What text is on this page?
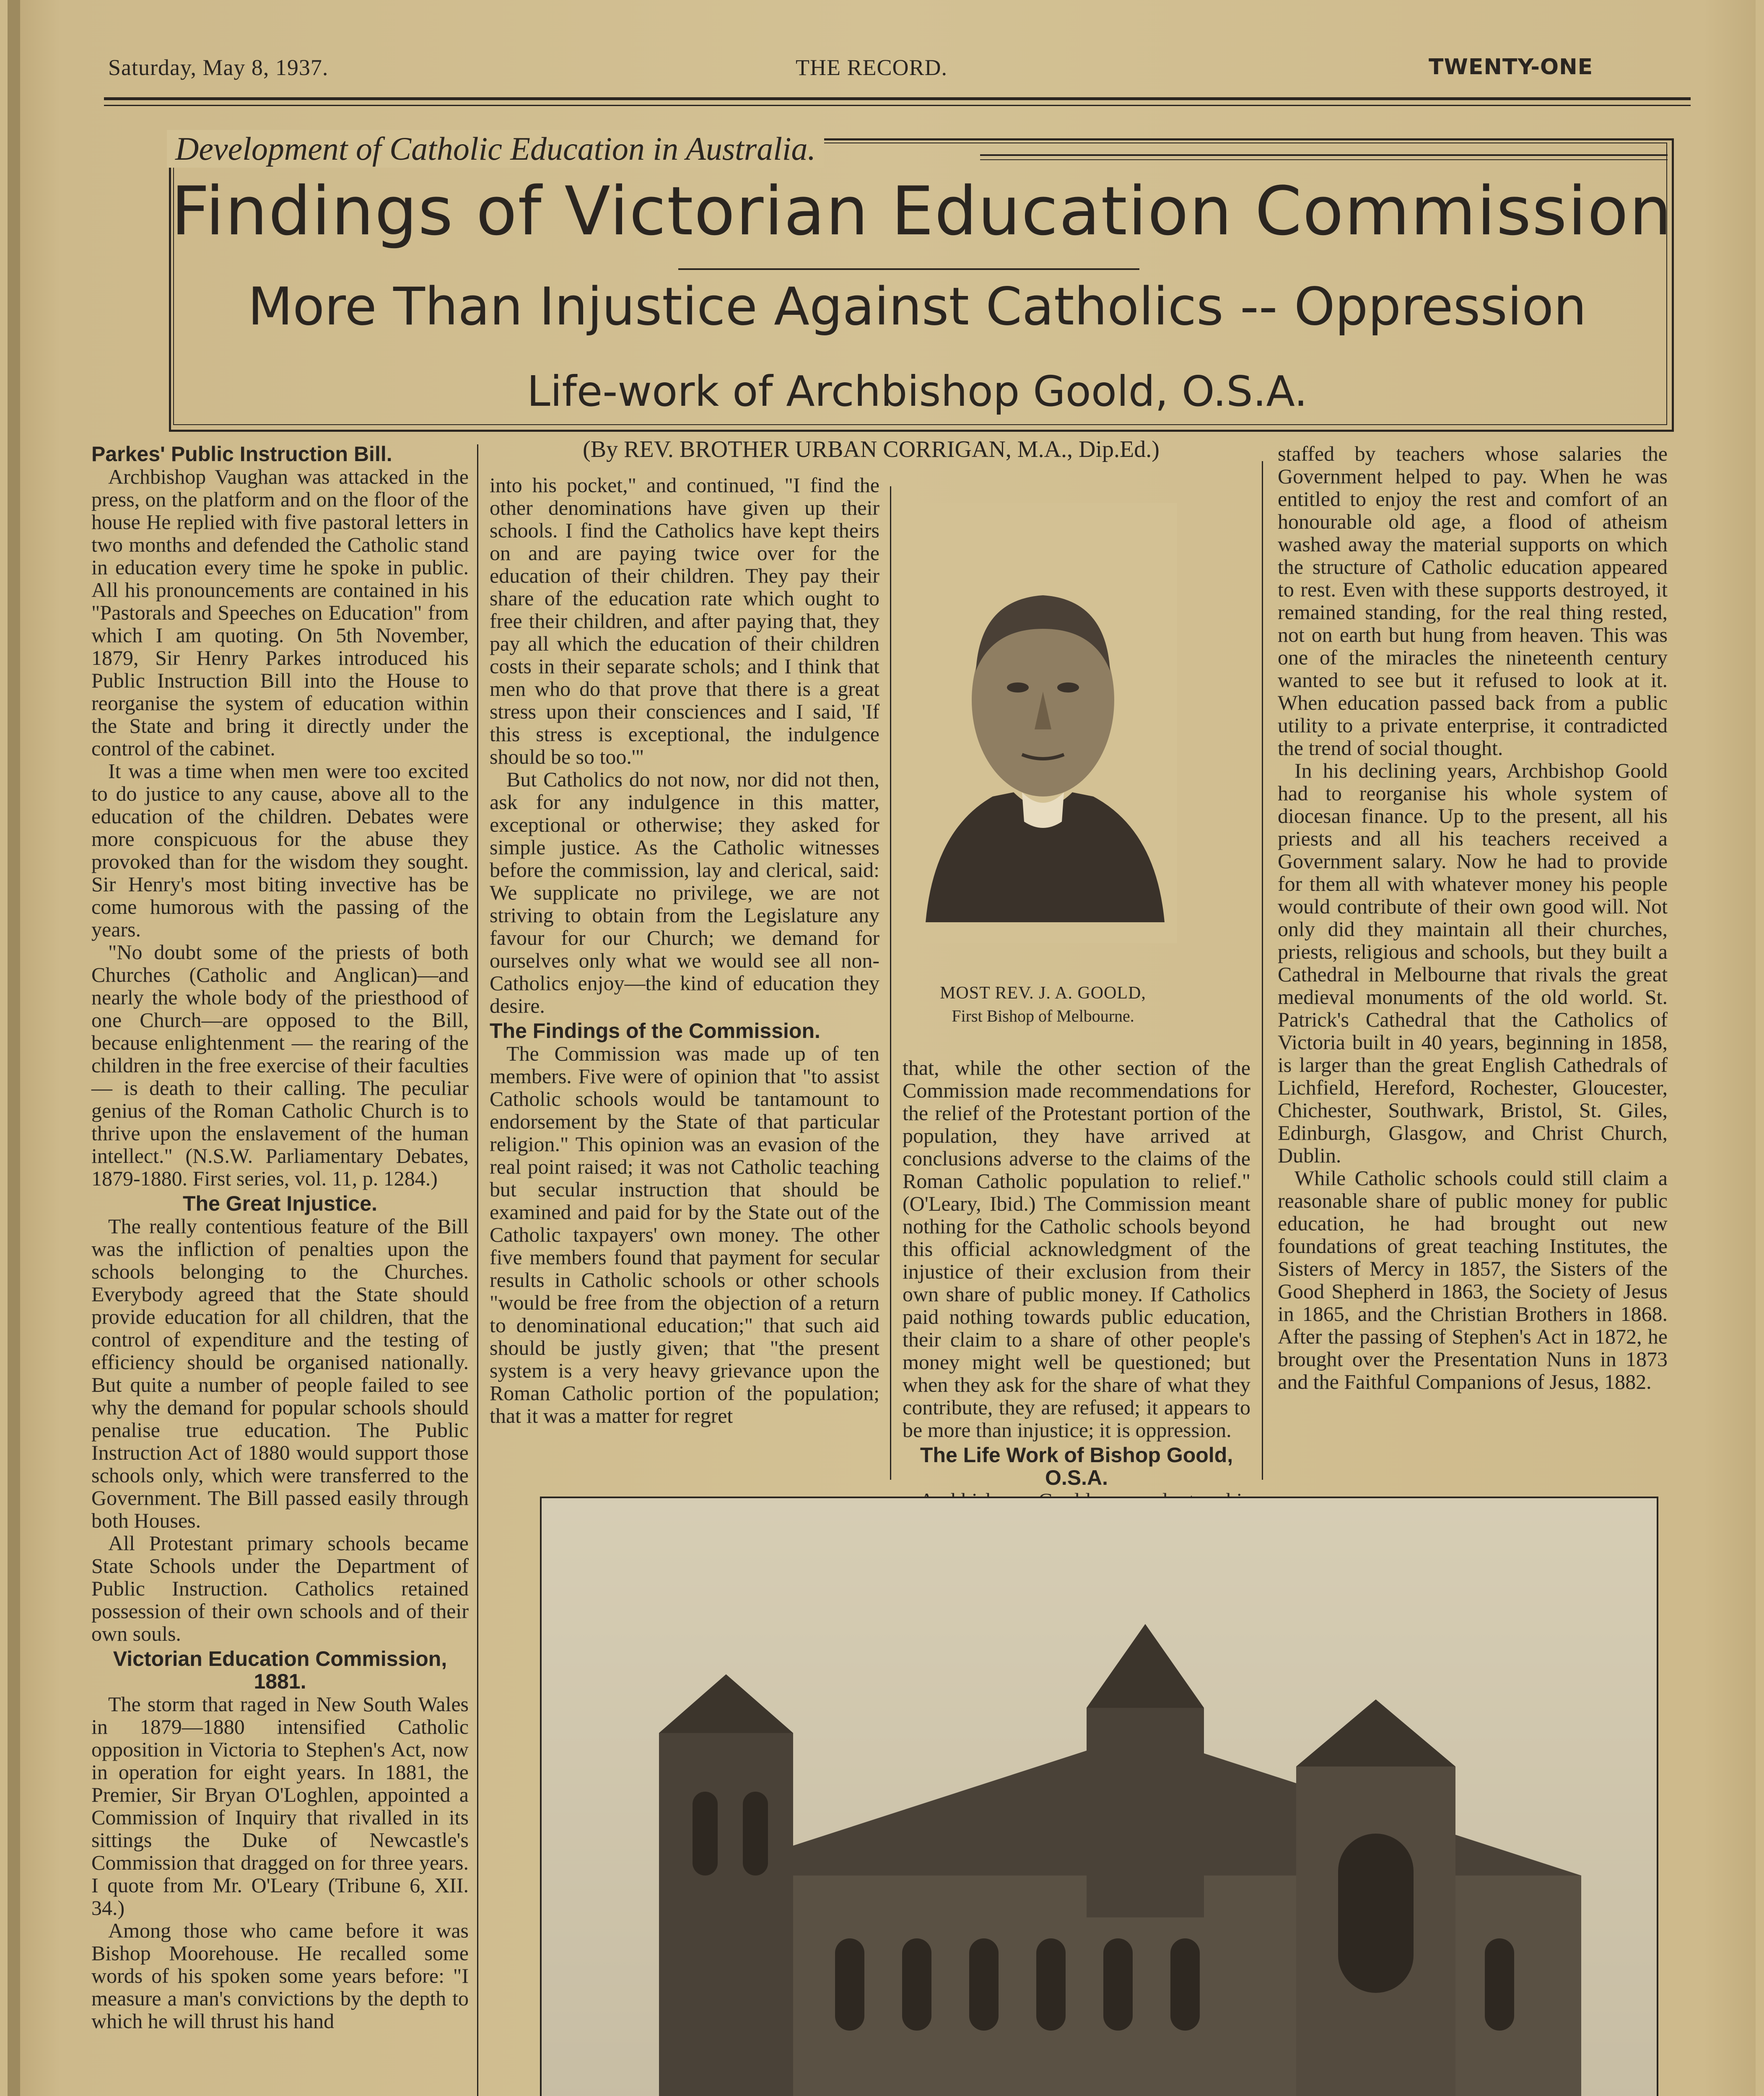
Saturday, May 8, 1937.	THE RECORD.	TWENTY-ONE
Development of Catholic Education in Australia.
Findings of Victorian Education Commission
More Than Injustice Against Catholics -- Oppression
Life-work of Archbishop Goold, O.S.A.
(By REV. BROTHER URBAN CORRIGAN, M.A., Dip.Ed.)
Parkes' Public Instruction Bill.

Archbishop Vaughan was attacked in the press, on the platform and on the floor of the house He replied with five pastoral letters in two months and defended the Catholic stand in education every time he spoke in public. All his pronouncements are contained in his "Pastorals and Speeches on Education" from which I am quoting. On 5th November, 1879, Sir Henry Parkes introduced his Public Instruction Bill into the House to reorganise the system of education within the State and bring it directly under the control of the cabinet.

It was a time when men were too excited to do justice to any cause, above all to the education of the children. Debates were more conspicuous for the abuse they provoked than for the wisdom they sought. Sir Henry's most biting invective has be come humorous with the passing of the years.

"No doubt some of the priests of both Churches (Catholic and Anglican)—and nearly the whole body of the priesthood of one Church—are opposed to the Bill, because enlightenment — the rearing of the children in the free exercise of their faculties— is death to their calling. The peculiar genius of the Roman Catholic Church is to thrive upon the enslavement of the human intellect." (N.S.W. Parliamentary Debates, 1879-1880. First series, vol. 11, p. 1284.)

The Great Injustice.

The really contentious feature of the Bill was the infliction of penalties upon the schools belonging to the Churches. Everybody agreed that the State should provide education for all children, that the control of expenditure and the testing of efficiency should be organised nationally. But quite a number of people failed to see why the demand for popular schools should penalise true education. The Public Instruction Act of 1880 would support those schools only, which were transferred to the Government. The Bill passed easily through both Houses.

All Protestant primary schools became State Schools under the Department of Public Instruction. Catholics retained possession of their own schools and of their own souls.

Victorian Education Commission, 1881.

The storm that raged in New South Wales in 1879—1880 intensified Catholic opposition in Victoria to Stephen's Act, now in operation for eight years. In 1881, the Premier, Sir Bryan O'Loghlen, appointed a Commission of Inquiry that rivalled in its sittings the Duke of Newcastle's Commission that dragged on for three years. I quote from Mr. O'Leary (Tribune 6, XII. 34.)

Among those who came before it was Bishop Moorehouse. He recalled some words of his spoken some years before: "I measure a man's convictions by the depth to which he will thrust his hand

into his pocket," and continued, "I find the other denominations have given up their schools. I find the Catholics have kept theirs on and are paying twice over for the education of their children. They pay their share of the education rate which ought to free their children, and after paying that, they pay all which the education of their children costs in their separate schols; and I think that men who do that prove that there is a great stress upon their consciences and I said, 'If this stress is exceptional, the indulgence should be so too.'"

But Catholics do not now, nor did not then, ask for any indulgence in this matter, exceptional or otherwise; they asked for simple justice. As the Catholic witnesses before the commission, lay and clerical, said: We supplicate no privilege, we are not striving to obtain from the Legislature any favour for our Church; we demand for ourselves only what we would see all non-Catholics enjoy—the kind of education they desire.

The Findings of the Commission.

The Commission was made up of ten members. Five were of opinion that "to assist Catholic schools would be tantamount to endorsement by the State of that particular religion." This opinion was an evasion of the real point raised; it was not Catholic teaching but secular instruction that should be examined and paid for by the State out of the Catholic taxpayers' own money. The other five members found that payment for secular results in Catholic schools or other schools "would be free from the objection of a return to denominational education;" that such aid should be justly given; that "the present system is a very heavy grievance upon the Roman Catholic portion of the population; that it was a matter for regret

MOST REV. J. A. GOOLD,
First Bishop of Melbourne.

that, while the other section of the Commission made recommendations for the relief of the Protestant portion of the population, they have arrived at conclusions adverse to the claims of the Roman Catholic population to relief." (O'Leary, Ibid.) The Commission meant nothing for the Catholic schools beyond this official acknowledgment of the injustice of their exclusion from their own share of public money. If Catholics paid nothing towards public education, their claim to a share of other people's money might well be questioned; but when they ask for the share of what they contribute, they are refused; it appears to be more than injustice; it is oppression.

The Life Work of Bishop Goold, O.S.A.

staffed by teachers whose salaries the Government helped to pay. When he was entitled to enjoy the rest and comfort of an honourable old age, a flood of atheism washed away the material supports on which the structure of Catholic education appeared to rest. Even with these supports destroyed, it remained standing, for the real thing rested, not on earth but hung from heaven. This was one of the miracles the nineteenth century wanted to see but it refused to look at it. When education passed back from a public utility to a private enterprise, it contradicted the trend of social thought.

In his declining years, Archbishop Goold had to reorganise his whole system of diocesan finance. Up to the present, all his priests and all his teachers received a Government salary. Now he had to provide for them all with whatever money his people would contribute of their own good will. Not only did they maintain all their churches, priests, religious and schools, but they built a Cathedral in Melbourne that rivals the great medieval monuments of the old world. St. Patrick's Cathedral that the Catholics of Victoria built in 40 years, beginning in 1858, is larger than the great English Cathedrals of Lichfield, Hereford, Rochester, Gloucester, Chichester, Southwark, Bristol, St. Giles, Edinburgh, Glasgow, and Christ Church, Dublin.

While Catholic schools could still claim a reasonable share of public money for public education, he had brought out new foundations of great teaching Institutes, the Sisters of Mercy in 1857, the Sisters of the Good Shepherd in 1863, the Society of Jesus in 1865, and the Christian Brothers in 1868. After the passing of Stephen's Act in 1872, he brought over the Presentation Nuns in 1873 and the Faithful Companions of Jesus, 1882.
